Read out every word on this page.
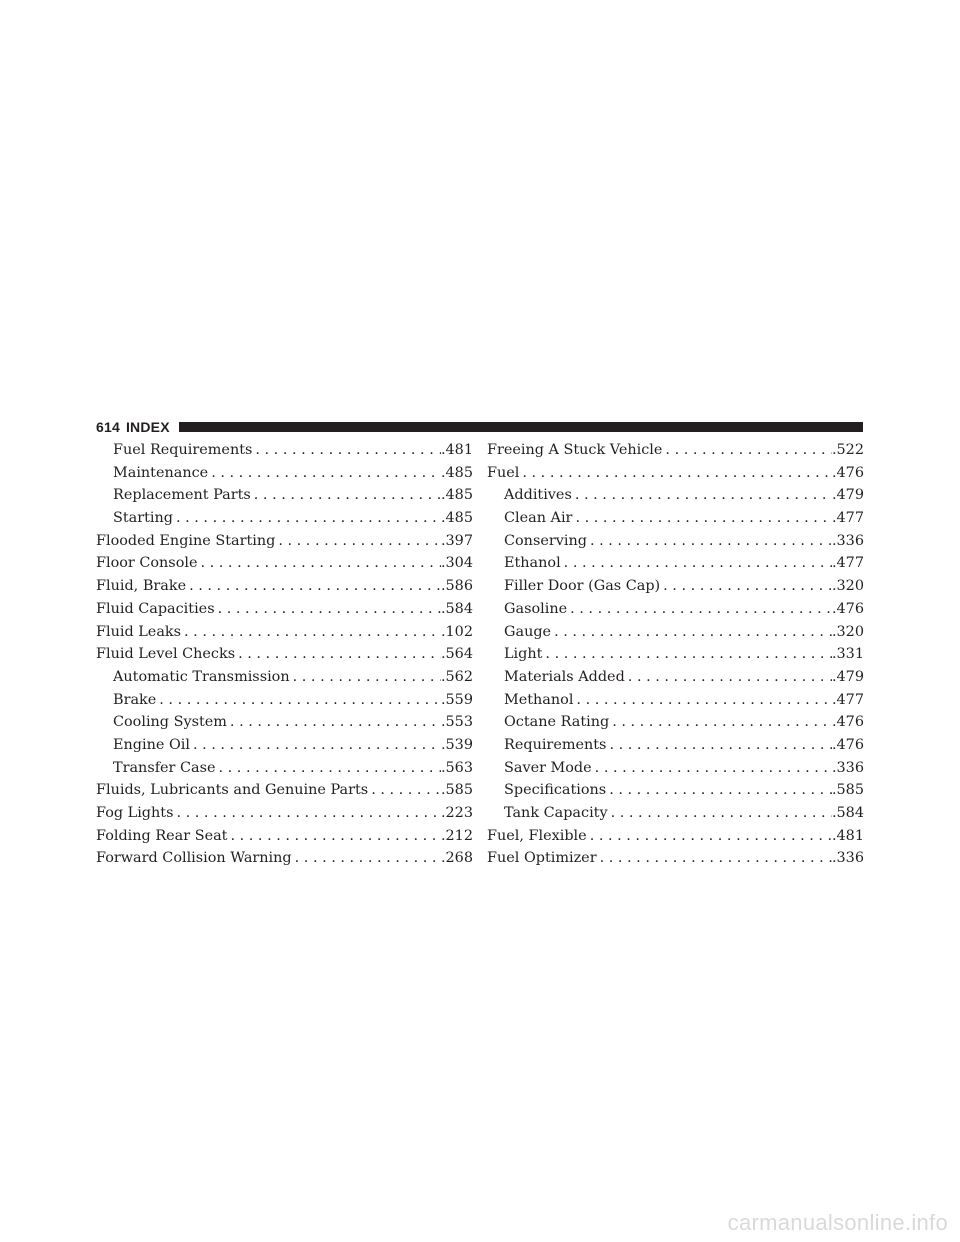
614 INDEX
Fuel Requirements . . .	. 481
Maintenance . . .	. 485
Replacement Parts . . .	. 485
Starting . . .	. 485
Flooded Engine Starting . . .	. 397
Floor Console . . .	. 304
Fluid, Brake . . .	. 586
Fluid Capacities . . .	. 584
Fluid Leaks . . .	. 102
Fluid Level Checks . . .	. 564
Automatic Transmission . . .	. 562
Brake . . .	. 559
Cooling System . . .	. 553
Engine Oil . . .	. 539
Transfer Case . . .	. 563
Fluids, Lubricants and Genuine Parts . . .	. 585
Fog Lights . . .	. 223
Folding Rear Seat . . .	. 212
Forward Collision Warning . . .	. 268
Freeing A Stuck Vehicle . . .	. 522
Fuel . . .	. 476
Additives . . .	. 479
Clean Air . . .	. 477
Conserving . . .	. 336
Ethanol . . .	. 477
Filler Door (Gas Cap) . . .	. 320
Gasoline . . .	. 476
Gauge . . .	. 320
Light . . .	. 331
Materials Added . . .	. 479
Methanol . . .	. 477
Octane Rating . . .	. 476
Requirements . . .	. 476
Saver Mode . . .	. 336
Specifications . . .	. 585
Tank Capacity . . .	. 584
Fuel, Flexible . . .	. 481
Fuel Optimizer . . .	. 336
carmanualsonline.info
